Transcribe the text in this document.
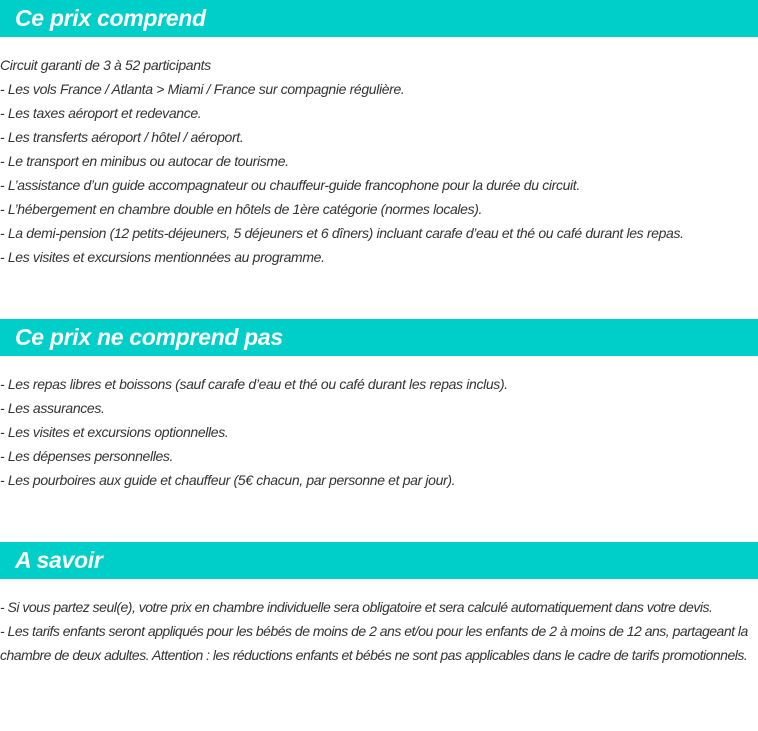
Ce prix comprend

Circuit garanti de 3 à 52 participants

- Les vols France / Atlanta > Miami / France sur compagnie régulière.

- Les taxes aéroport et redevance.

- Les transferts aéroport / hôtel / aéroport.

- Le transport en minibus ou autocar de tourisme.

- L’assistance d’un guide accompagnateur ou chauffeur-guide francophone pour la durée du circuit.

- L’hébergement en chambre double en hôtels de 1ère catégorie (normes locales).

- La demi-pension (12 petits-déjeuners, 5 déjeuners et 6 dîners) incluant carafe d’eau et thé ou café durant les repas.

- Les visites et excursions mentionnées au programme.

Ce prix ne comprend pas

- Les repas libres et boissons (sauf carafe d’eau et thé ou café durant les repas inclus).

- Les assurances.

- Les visites et excursions optionnelles.

- Les dépenses personnelles.

- Les pourboires aux guide et chauffeur (5€ chacun, par personne et par jour).

A savoir

- Si vous partez seul(e), votre prix en chambre individuelle sera obligatoire et sera calculé automatiquement dans votre devis.

- Les tarifs enfants seront appliqués pour les bébés de moins de 2 ans et/ou pour les enfants de 2 à moins de 12 ans, partageant la chambre de deux adultes. Attention : les réductions enfants et bébés ne sont pas applicables dans le cadre de tarifs promotionnels.
